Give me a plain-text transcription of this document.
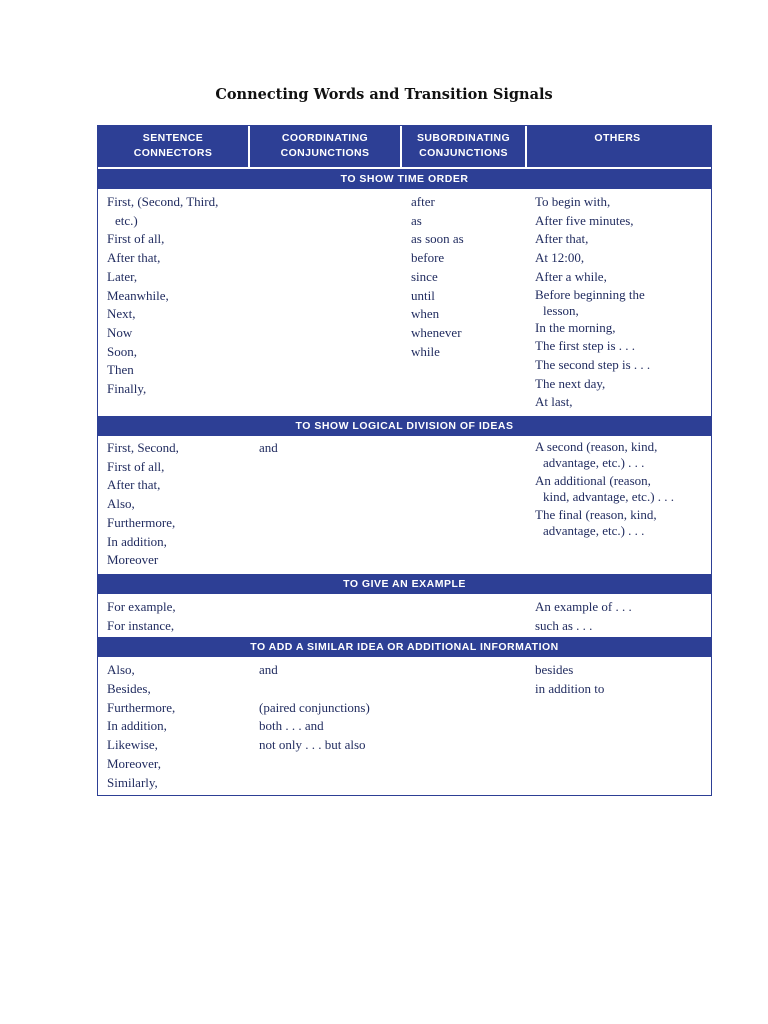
Connecting Words and Transition Signals
SENTENCE
CONNECTORS
COORDINATING
CONJUNCTIONS
SUBORDINATING
CONJUNCTIONS
OTHERS
TO SHOW TIME ORDER
First, (Second, Third,
etc.)
First of all,
After that,
Later,
Meanwhile,
Next,
Now
Soon,
Then
Finally,
after
as
as soon as
before
since
until
when
whenever
while
To begin with,
After five minutes,
After that,
At 12:00,
After a while,
Before beginning the
lesson,
In the morning,
The first step is . . .
The second step is . . .
The next day,
At last,
TO SHOW LOGICAL DIVISION OF IDEAS
First, Second,
First of all,
After that,
Also,
Furthermore,
In addition,
Moreover
and	A second (reason, kind,
advantage, etc.) . . .
An additional (reason,
kind, advantage, etc.) . . .
The final (reason, kind,
advantage, etc.) . . .
TO GIVE AN EXAMPLE
For example,
For instance,
An example of . . .
such as . . .
TO ADD A SIMILAR IDEA OR ADDITIONAL INFORMATION
Also,
Besides,
Furthermore,
In addition,
Likewise,
Moreover,
Similarly,
and
(paired conjunctions)
both . . . and
not only . . . but also
besides
in addition to
